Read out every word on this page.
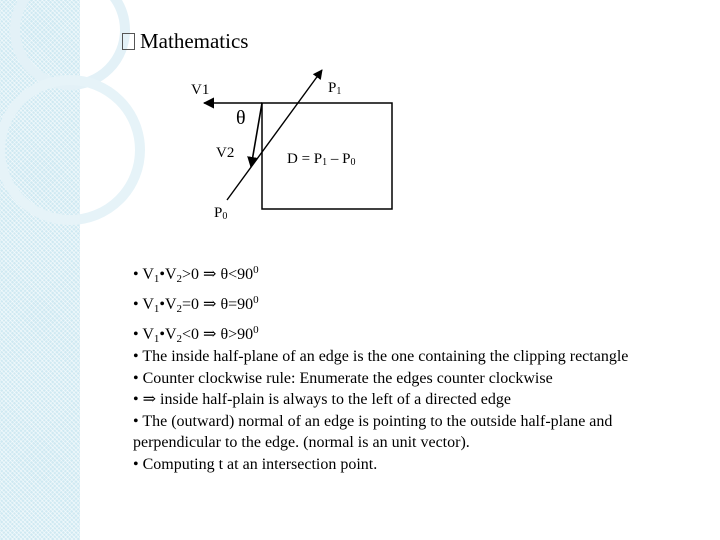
Mathematics
V1
θ
V2
P1
P0
D = P1 – P0
• $V_1•V_2>0$ ⇒ $\theta<90^0$
• $V_1•V_2=0$ ⇒ $\theta=90^0$
• $V_1•V_2<0$ ⇒ $\theta>90^0$
• The inside half-plane of an edge is the one containing the clipping rectangle
• Counter clockwise rule: Enumerate the edges counter clockwise
• ⇒ inside half-plain is always to the left of a directed edge
• The (outward) normal of an edge is pointing to the outside half-plane and
perpendicular to the edge. (normal is an unit vector).
• Computing t at an intersection point.
